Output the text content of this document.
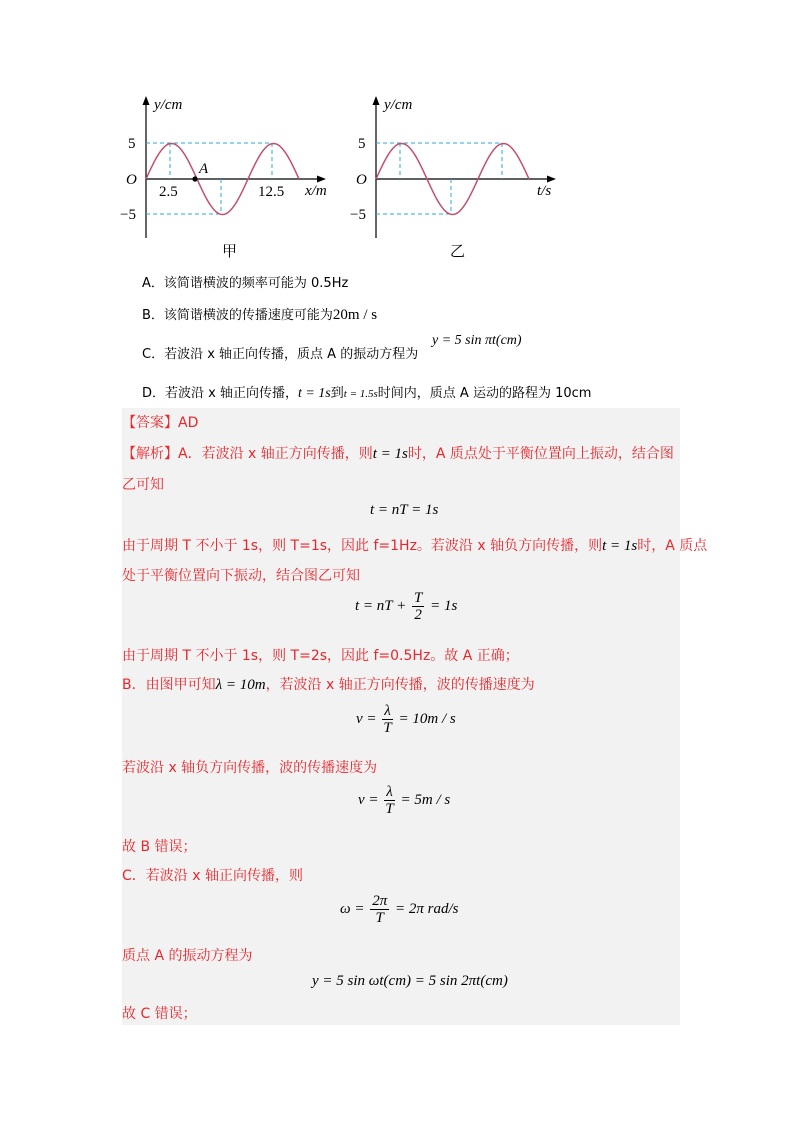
y/cm
5
O
−5
2.5	12.5
A
x/m
甲
y/cm
5
O
−5
t/s
乙
A．该简谐横波的频率可能为 0.5Hz
B．该简谐横波的传播速度可能为20m / s
C．若波沿 x 轴正向传播，质点 A 的振动方程为
y = 5 sin πt(cm)
D．若波沿 x 轴正向传播，t = 1s到t = 1.5s时间内，质点 A 运动的路程为 10cm
【答案】AD
【解析】A．若波沿 x 轴正方向传播，则t = 1s时，A 质点处于平衡位置向上振动，结合图
乙可知
t = nT = 1s
由于周期 T 不小于 1s，则 T=1s，因此 f=1Hz。若波沿 x 轴负方向传播，则t = 1s时，A 质点
处于平衡位置向下振动，结合图乙可知
t = nT + $\frac{T}{2} = 1s$
由于周期 T 不小于 1s，则 T=2s，因此 f=0.5Hz。故 A 正确；
B．由图甲可知λ = 10m，若波沿 x 轴正方向传播，波的传播速度为
$v = \frac{\lambda}{T} = 10m / s$
若波沿 x 轴负方向传播，波的传播速度为
$v = \frac{\lambda}{T} = 5m / s$
故 B 错误；
C．若波沿 x 轴正向传播，则
$\omega = \frac{2\pi}{T} = 2\pi$ rad/s
质点 A 的振动方程为
y = 5 sin ωt(cm) = 5 sin 2πt(cm)
故 C 错误；
